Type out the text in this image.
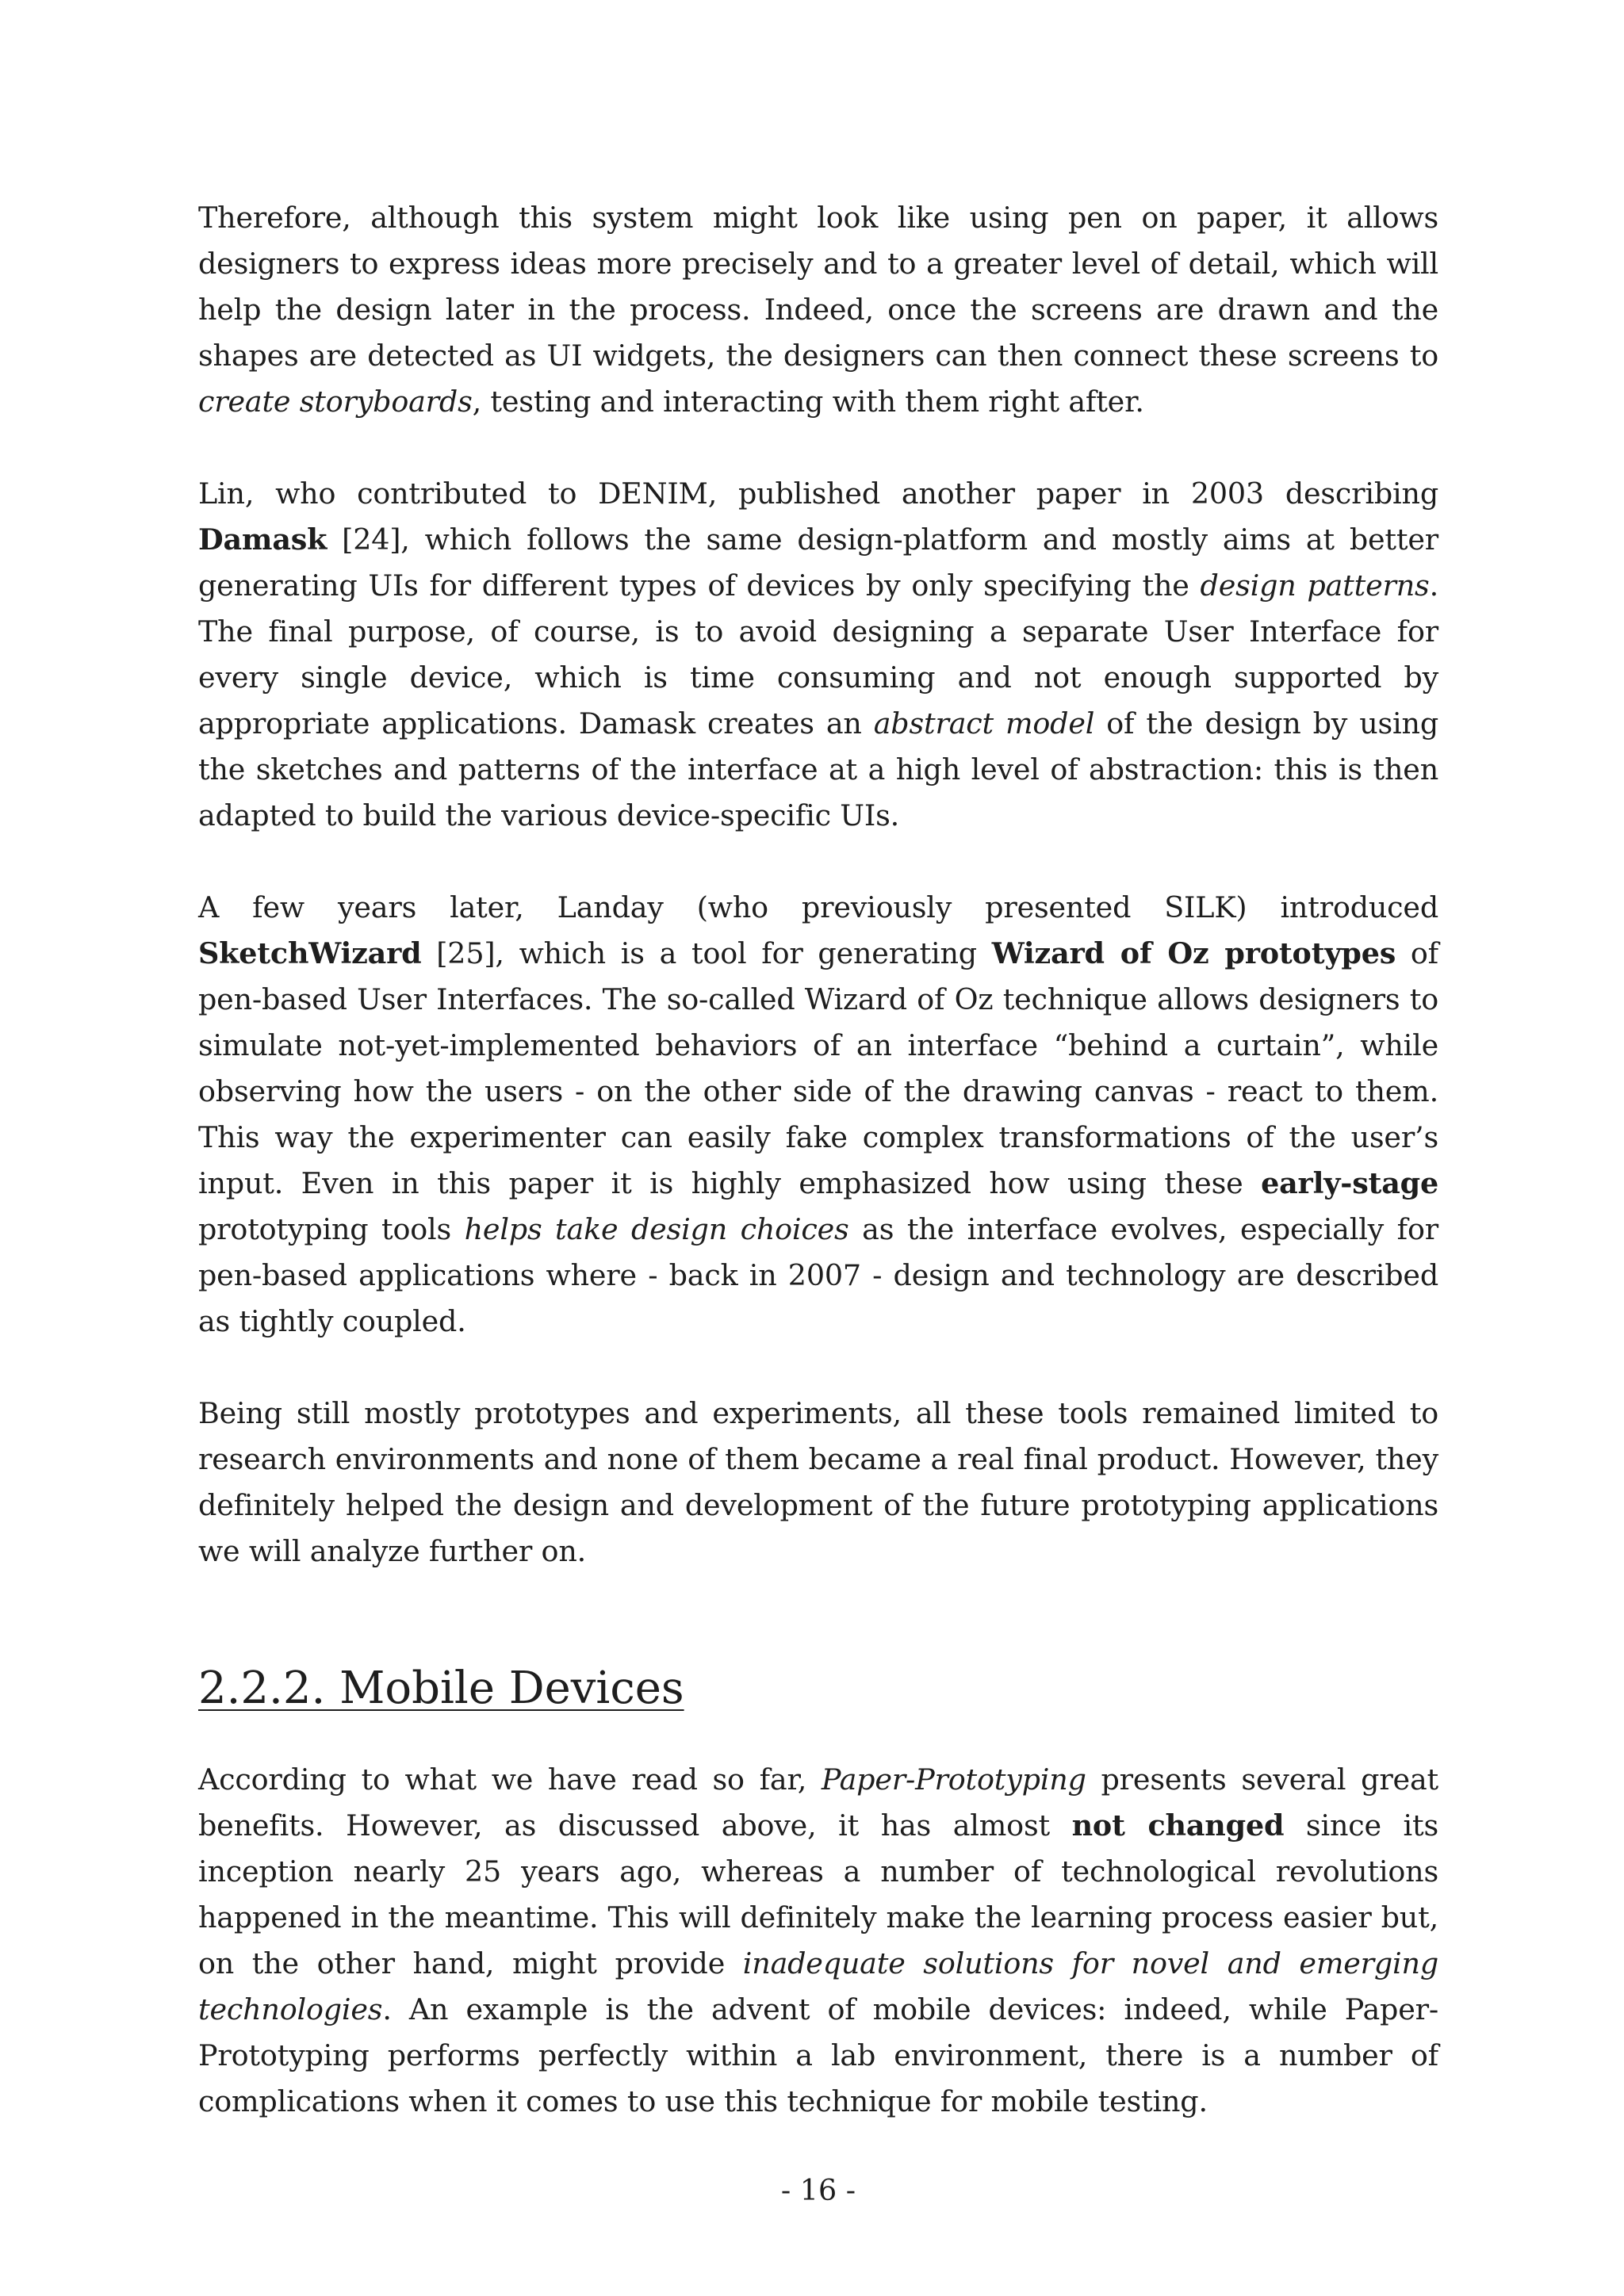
Therefore, although this system might look like using pen on paper, it allows designers to express ideas more precisely and to a greater level of detail, which will help the design later in the process. Indeed, once the screens are drawn and the shapes are detected as UI widgets, the designers can then connect these screens to create storyboards, testing and interacting with them right after.

Lin, who contributed to DENIM, published another paper in 2003 describing Damask [24], which follows the same design-platform and mostly aims at better generating UIs for different types of devices by only specifying the design patterns. The final purpose, of course, is to avoid designing a separate User Interface for every single device, which is time consuming and not enough supported by appropriate applications. Damask creates an abstract model of the design by using the sketches and patterns of the interface at a high level of abstraction: this is then adapted to build the various device-specific UIs.

A few years later, Landay (who previously presented SILK) introduced SketchWizard [25], which is a tool for generating Wizard of Oz prototypes of pen-based User Interfaces. The so-called Wizard of Oz technique allows designers to simulate not-yet-implemented behaviors of an interface “behind a curtain”, while observing how the users - on the other side of the drawing canvas - react to them. This way the experimenter can easily fake complex transformations of the user’s input. Even in this paper it is highly emphasized how using these early-stage prototyping tools helps take design choices as the interface evolves, especially for pen-based applications where - back in 2007 - design and technology are described as tightly coupled.

Being still mostly prototypes and experiments, all these tools remained limited to research environments and none of them became a real final product. However, they definitely helped the design and development of the future prototyping applications we will analyze further on.

2.2.2. Mobile Devices

According to what we have read so far, Paper-Prototyping presents several great benefits. However, as discussed above, it has almost not changed since its inception nearly 25 years ago, whereas a number of technological revolutions happened in the meantime. This will definitely make the learning process easier but, on the other hand, might provide inadequate solutions for novel and emerging technologies. An example is the advent of mobile devices: indeed, while Paper-Prototyping performs perfectly within a lab environment, there is a number of complications when it comes to use this technique for mobile testing.

- 16 -
